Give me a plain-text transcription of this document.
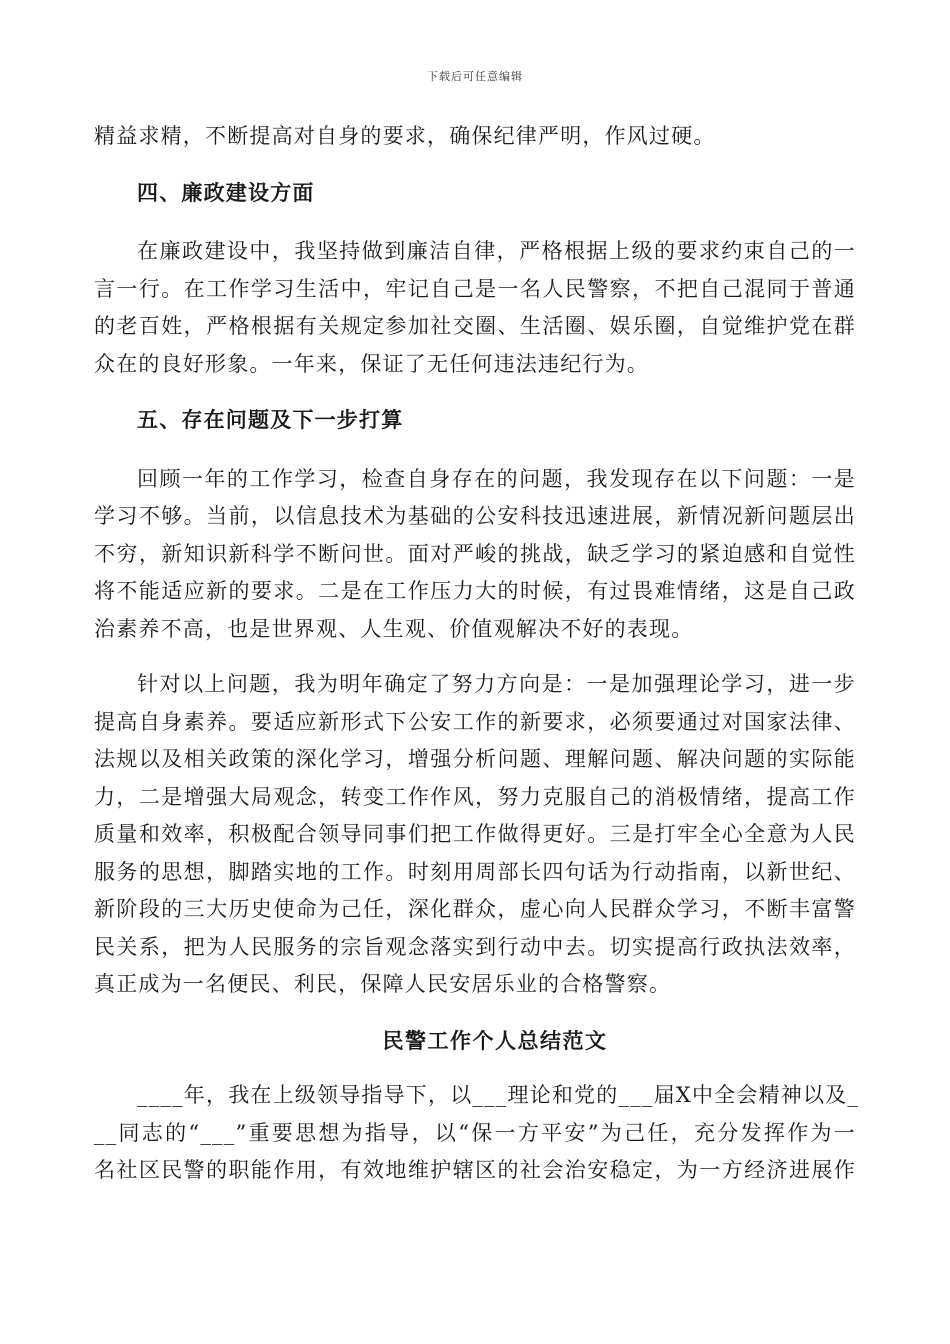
下载后可任意编辑
精益求精，不断提高对自身的要求，确保纪律严明，作风过硬。
四、廉政建设方面
在廉政建设中，我坚持做到廉洁自律，严格根据上级的要求约束自己的一
言一行。在工作学习生活中，牢记自己是一名人民警察，不把自己混同于普通
的老百姓，严格根据有关规定参加社交圈、生活圈、娱乐圈，自觉维护党在群
众在的良好形象。一年来，保证了无任何违法违纪行为。
五、存在问题及下一步打算
回顾一年的工作学习，检查自身存在的问题，我发现存在以下问题：一是
学习不够。当前，以信息技术为基础的公安科技迅速进展，新情况新问题层出
不穷，新知识新科学不断问世。面对严峻的挑战，缺乏学习的紧迫感和自觉性
将不能适应新的要求。二是在工作压力大的时候，有过畏难情绪，这是自己政
治素养不高，也是世界观、人生观、价值观解决不好的表现。
针对以上问题，我为明年确定了努力方向是：一是加强理论学习，进一步
提高自身素养。要适应新形式下公安工作的新要求，必须要通过对国家法律、
法规以及相关政策的深化学习，增强分析问题、理解问题、解决问题的实际能
力，二是增强大局观念，转变工作作风，努力克服自己的消极情绪，提高工作
质量和效率，积极配合领导同事们把工作做得更好。三是打牢全心全意为人民
服务的思想，脚踏实地的工作。时刻用周部长四句话为行动指南，以新世纪、
新阶段的三大历史使命为己任，深化群众，虚心向人民群众学习，不断丰富警
民关系，把为人民服务的宗旨观念落实到行动中去。切实提高行政执法效率，
真正成为一名便民、利民，保障人民安居乐业的合格警察。
民警工作个人总结范文
____年，我在上级领导指导下，以___理论和党的___届X中全会精神以及_
__同志的“___”重要思想为指导，以“保一方平安”为己任，充分发挥作为一
名社区民警的职能作用，有效地维护辖区的社会治安稳定，为一方经济进展作
